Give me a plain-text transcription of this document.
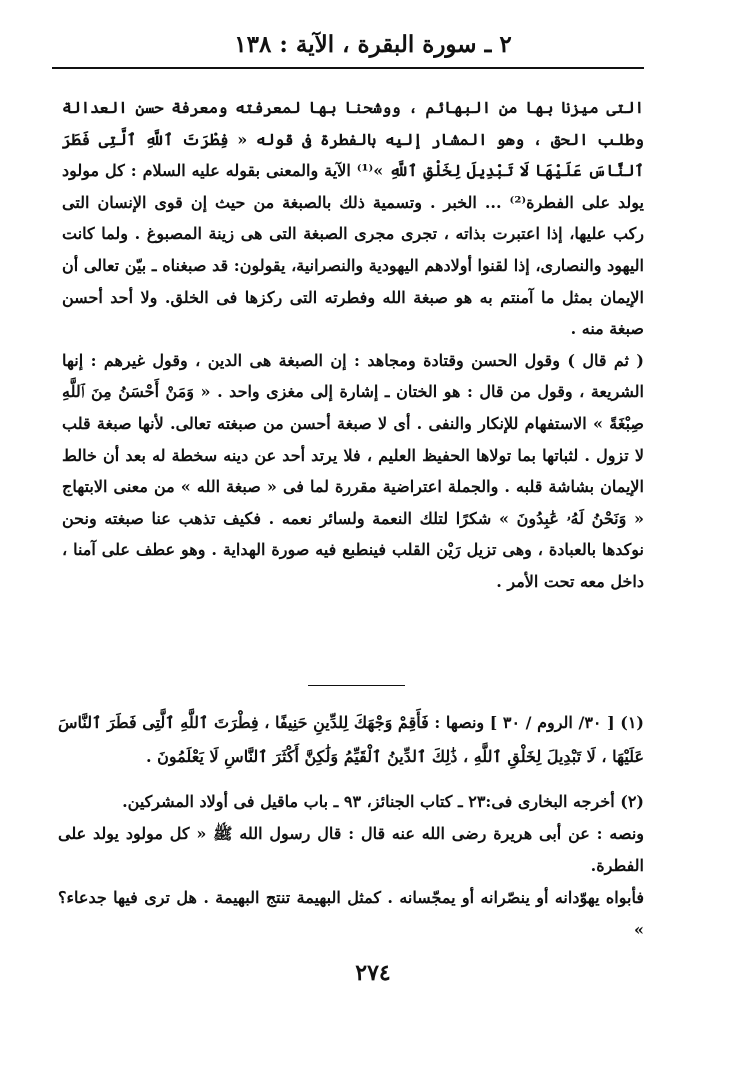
٢ ـ سورة البقرة ، الآية : ١٣٨

التى ميزنا بها من البهائم ، ووشحنا بها لمعرفته ومعرفة حسن العدالة وطلب الحق ، وهو المشار إليه بالفطرة فى قوله « فِطْرَتَ ٱللَّهِ ٱلَّتِى فَطَرَ ٱلنَّاسَ عَلَيْهَا لَا تَبْدِيلَ لِخَلْقِ ٱللَّهِ »⁽¹⁾ الآية والمعنى بقوله عليه السلام : كل مولود يولد على الفطرة⁽²⁾ ... الخبر . وتسمية ذلك بالصبغة من حيث إن قوى الإنسان التى ركب عليها، إذا اعتبرت بذاته ، تجرى مجرى الصبغة التى هى زينة المصبوغ . ولما كانت اليهود والنصارى، إذا لقنوا أولادهم اليهودية والنصرانية، يقولون: قد صبغناه ـ بيّن تعالى أن الإيمان بمثل ما آمنتم به هو صبغة الله وفطرته التى ركزها فى الخلق. ولا أحد أحسن صبغة منه .

( ثم قال ) وقول الحسن وقتادة ومجاهد : إن الصبغة هى الدين ، وقول غيرهم : إنها الشريعة ، وقول من قال : هو الختان ـ إشارة إلى مغزى واحد . « وَمَنْ أَحْسَنُ مِنَ ٱللَّهِ صِبْغَةً » الاستفهام للإنكار والنفى . أى لا صبغة أحسن من صبغته تعالى. لأنها صبغة قلب لا تزول . لثباتها بما تولاها الحفيظ العليم ، فلا يرتد أحد عن دينه سخطة له بعد أن خالط الإيمان بشاشة قلبه . والجملة اعتراضية مقررة لما فى « صبغة الله » من معنى الابتهاج « وَنَحْنُ لَهُۥ عَٰبِدُونَ » شكرًا لتلك النعمة ولسائر نعمه . فكيف تذهب عنا صبغته ونحن نوكدها بالعبادة ، وهى تزيل رَيْن القلب فينطبع فيه صورة الهداية . وهو عطف على آمنا ، داخل معه تحت الأمر .

(١) [ ٣٠/ الروم / ٣٠ ] ونصها : فَأَقِمْ وَجْهَكَ لِلدِّينِ حَنِيفًا ، فِطْرَتَ ٱللَّهِ ٱلَّتِى فَطَرَ ٱلنَّاسَ عَلَيْهَا ، لَا تَبْدِيلَ لِخَلْقِ ٱللَّهِ ، ذَٰلِكَ ٱلدِّينُ ٱلْقَيِّمُ وَلَٰكِنَّ أَكْثَرَ ٱلنَّاسِ لَا يَعْلَمُونَ .

(٢) أخرجه البخارى فى:٢٣ ـ كتاب الجنائز، ٩٣ ـ باب ماقيل فى أولاد المشركين.

ونصه : عن أبى هريرة رضى الله عنه قال : قال رسول الله ﷺ « كل مولود يولد على الفطرة.

فأبواه يهوّدانه أو ينصّرانه أو يمجّسانه . كمثل البهيمة تنتج البهيمة . هل ترى فيها جدعاء؟ »

٢٧٤
